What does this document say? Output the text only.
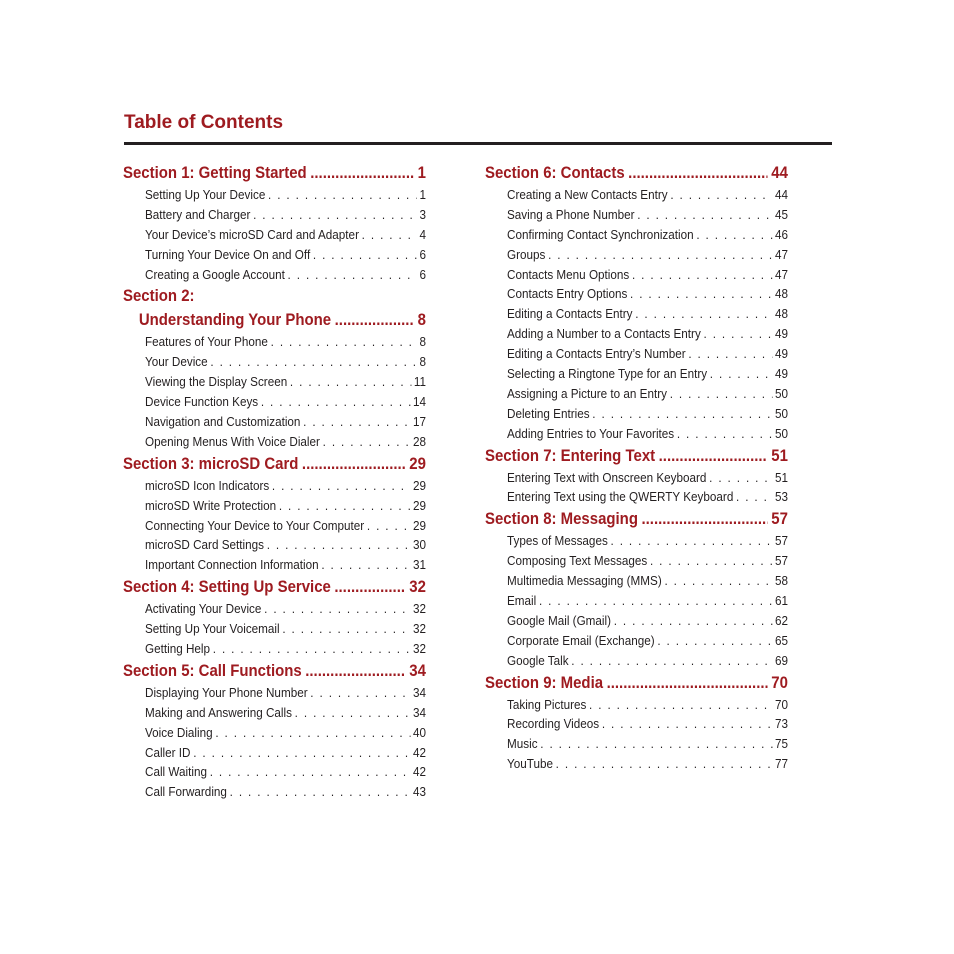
Table of Contents
Section 1: Getting Started .....	1
Setting Up Your Device . . .	1
Battery and Charger . . .	3
Your Device’s microSD Card and Adapter . . .	4
Turning Your Device On and Off . . .	6
Creating a Google Account . . .	6
Section 2:
Understanding Your Phone .....	8
Features of Your Phone . . .	8
Your Device . . .	8
Viewing the Display Screen . . .	11
Device Function Keys . . .	14
Navigation and Customization . . .	17
Opening Menus With Voice Dialer . . .	28
Section 3: microSD Card .....	29
microSD Icon Indicators . . .	29
microSD Write Protection . . .	29
Connecting Your Device to Your Computer . . .	29
microSD Card Settings . . .	30
Important Connection Information . . .	31
Section 4: Setting Up Service .....	32
Activating Your Device . . .	32
Setting Up Your Voicemail . . .	32
Getting Help . . .	32
Section 5: Call Functions .....	34
Displaying Your Phone Number . . .	34
Making and Answering Calls . . .	34
Voice Dialing . . .	40
Caller ID . . .	42
Call Waiting . . .	42
Call Forwarding . . .	43
Section 6: Contacts .....	44
Creating a New Contacts Entry . . .	44
Saving a Phone Number . . .	45
Confirming Contact Synchronization . . .	46
Groups . . .	47
Contacts Menu Options . . .	47
Contacts Entry Options . . .	48
Editing a Contacts Entry . . .	48
Adding a Number to a Contacts Entry . . .	49
Editing a Contacts Entry’s Number . . .	49
Selecting a Ringtone Type for an Entry . . .	49
Assigning a Picture to an Entry . . .	50
Deleting Entries . . .	50
Adding Entries to Your Favorites . . .	50
Section 7: Entering Text .....	51
Entering Text with Onscreen Keyboard . . .	51
Entering Text using the QWERTY Keyboard . . .	53
Section 8: Messaging .....	57
Types of Messages . . .	57
Composing Text Messages . . .	57
Multimedia Messaging (MMS) . . .	58
Email . . .	61
Google Mail (Gmail) . . .	62
Corporate Email (Exchange) . . .	65
Google Talk . . .	69
Section 9: Media .....	70
Taking Pictures . . .	70
Recording Videos . . .	73
Music . . .	75
YouTube . . .	77
